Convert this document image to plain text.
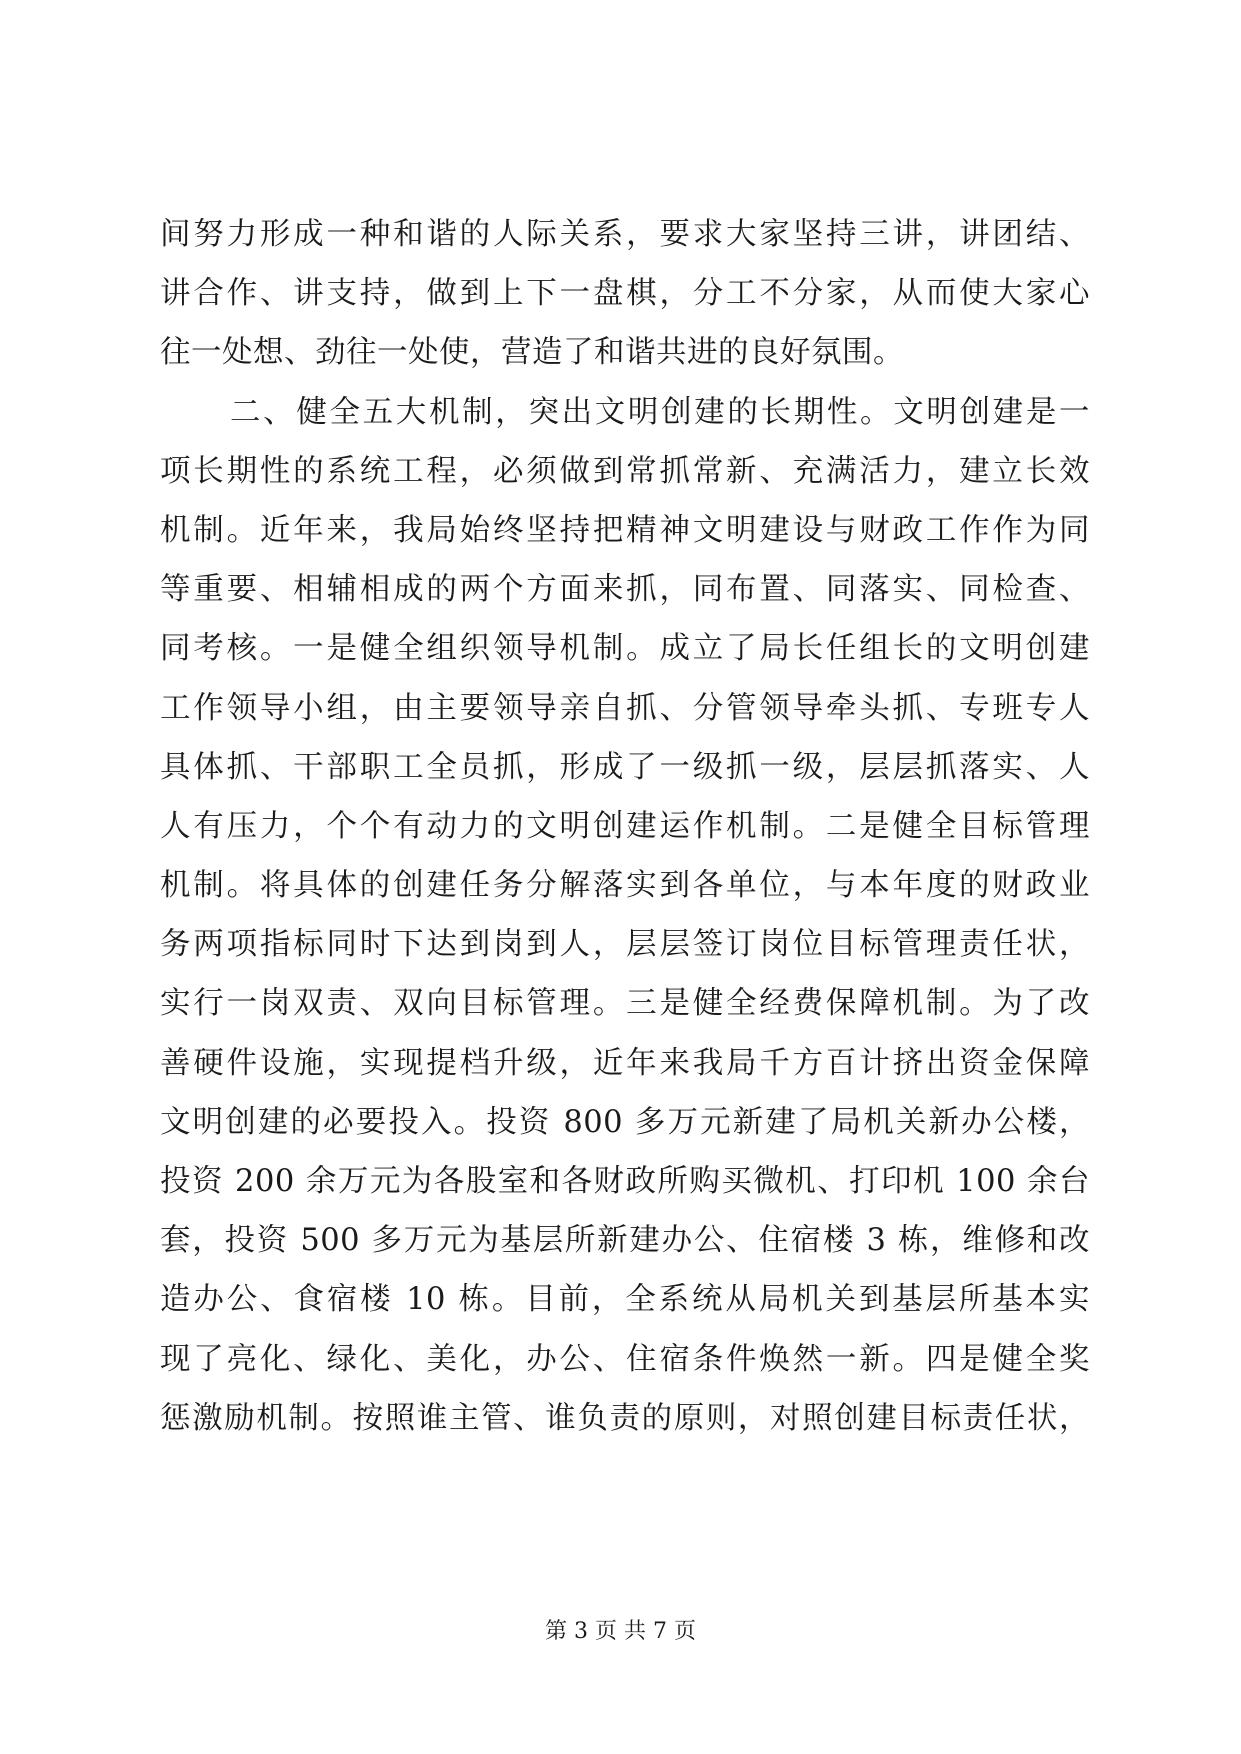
间努力形成一种和谐的人际关系，要求大家坚持三讲，讲团结、
讲合作、讲支持，做到上下一盘棋，分工不分家，从而使大家心
往一处想、劲往一处使，营造了和谐共进的良好氛围。
二、健全五大机制，突出文明创建的长期性。文明创建是一
项长期性的系统工程，必须做到常抓常新、充满活力，建立长效
机制。近年来，我局始终坚持把精神文明建设与财政工作作为同
等重要、相辅相成的两个方面来抓，同布置、同落实、同检查、
同考核。一是健全组织领导机制。成立了局长任组长的文明创建
工作领导小组，由主要领导亲自抓、分管领导牵头抓、专班专人
具体抓、干部职工全员抓，形成了一级抓一级，层层抓落实、人
人有压力，个个有动力的文明创建运作机制。二是健全目标管理
机制。将具体的创建任务分解落实到各单位，与本年度的财政业
务两项指标同时下达到岗到人，层层签订岗位目标管理责任状，
实行一岗双责、双向目标管理。三是健全经费保障机制。为了改
善硬件设施，实现提档升级，近年来我局千方百计挤出资金保障
文明创建的必要投入。投资 800 多万元新建了局机关新办公楼，
投资 200 余万元为各股室和各财政所购买微机、打印机 100 余台
套，投资 500 多万元为基层所新建办公、住宿楼 3 栋，维修和改
造办公、食宿楼 10 栋。目前，全系统从局机关到基层所基本实
现了亮化、绿化、美化，办公、住宿条件焕然一新。四是健全奖
惩激励机制。按照谁主管、谁负责的原则，对照创建目标责任状，
第 3 页 共 7 页
